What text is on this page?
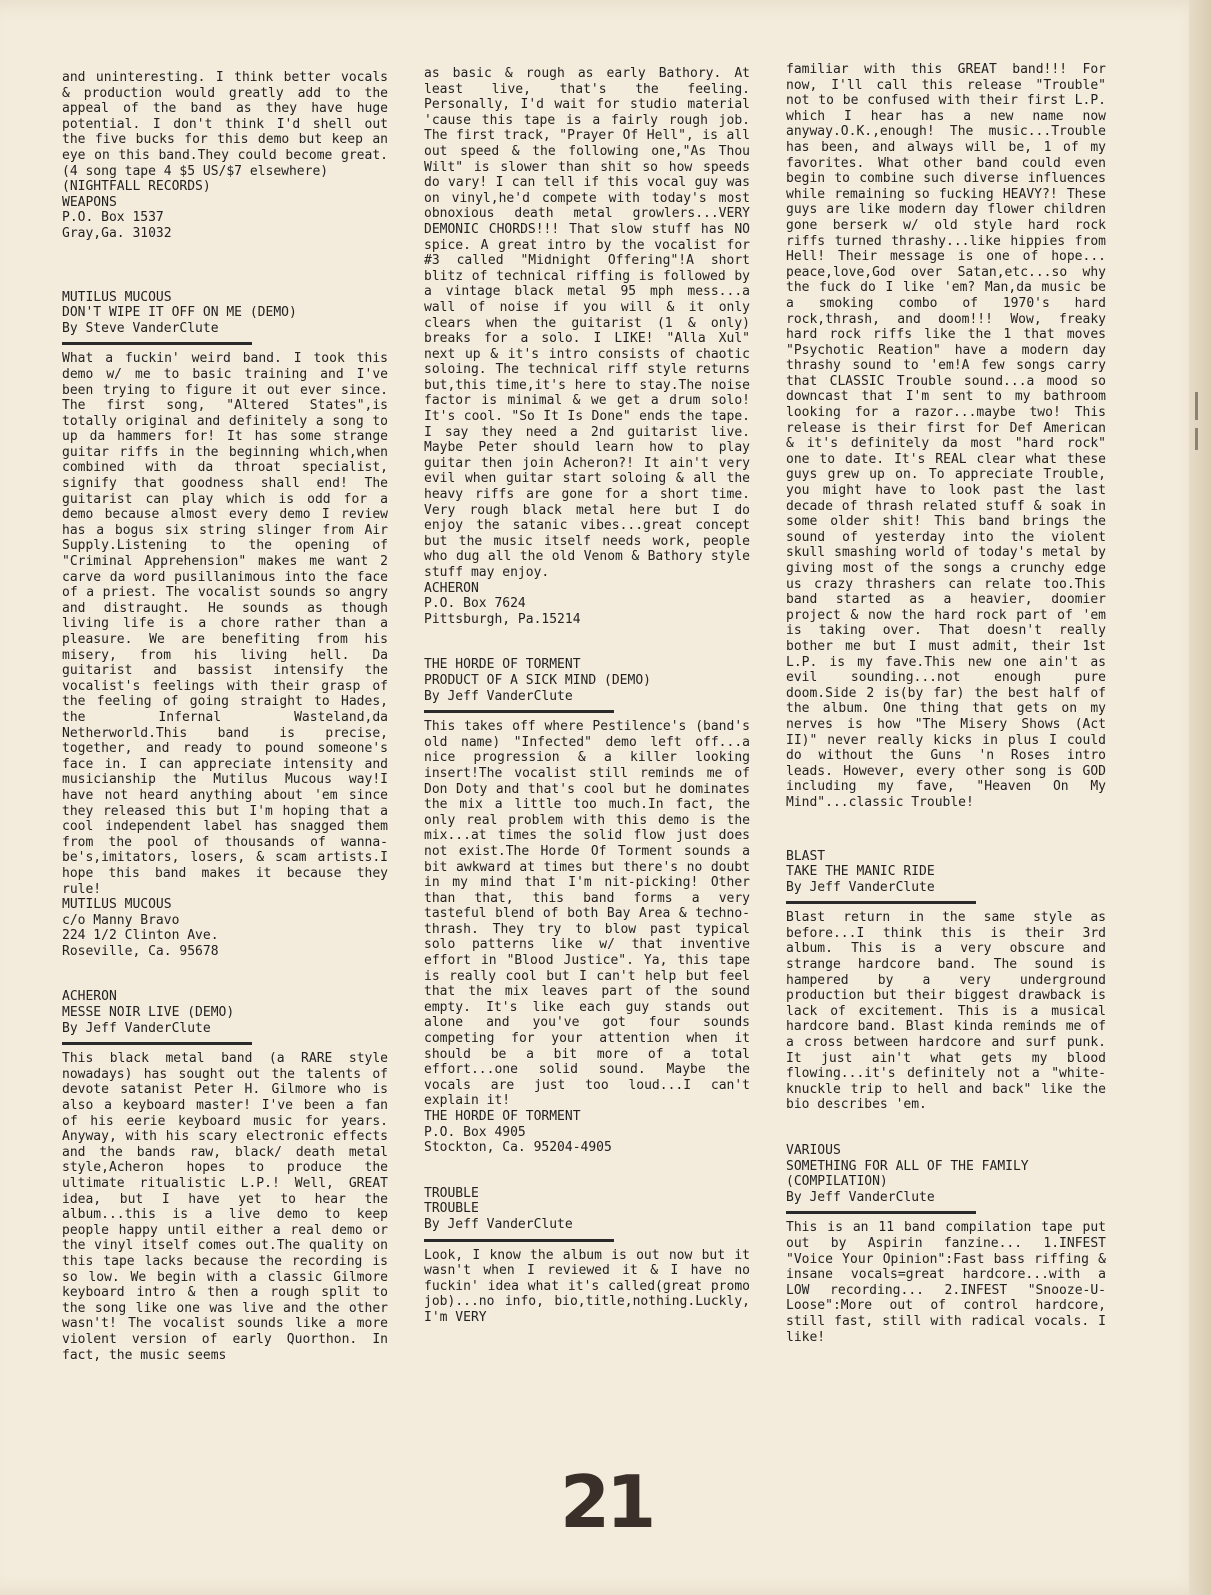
and uninteresting. I think better vocals & production would greatly add to the appeal of the band as they have huge potential. I don't think I'd shell out the five bucks for this demo but keep an eye on this band.They could become great. (4 song tape 4 $5 US/$7 elsewhere)

(NIGHTFALL RECORDS)

WEAPONS

P.O. Box 1537

Gray,Ga. 31032

MUTILUS MUCOUS

DON'T WIPE IT OFF ON ME (DEMO)

By Steve VanderClute

What a fuckin' weird band. I took this demo w/ me to basic training and I've been trying to figure it out ever since. The first song, "Altered States",is totally original and definitely a song to up da hammers for! It has some strange guitar riffs in the beginning which,when combined with da throat specialist, signify that goodness shall end! The guitarist can play which is odd for a demo because almost every demo I review has a bogus six string slinger from Air Supply.Listening to the opening of "Criminal Apprehension" makes me want 2 carve da word pusillanimous into the face of a priest. The vocalist sounds so angry and distraught. He sounds as though living life is a chore rather than a pleasure. We are benefiting from his misery, from his living hell. Da guitarist and bassist intensify the vocalist's feelings with their grasp of the feeling of going straight to Hades, the Infernal Wasteland,da Netherworld.This band is precise, together, and ready to pound someone's face in. I can appreciate intensity and musicianship the Mutilus Mucous way!I have not heard anything about 'em since they released this but I'm hoping that a cool independent label has snagged them from the pool of thousands of wanna-be's,imitators, losers, & scam artists.I hope this band makes it because they rule!

MUTILUS MUCOUS

c/o Manny Bravo

224 1/2 Clinton Ave.

Roseville, Ca. 95678

ACHERON

MESSE NOIR LIVE (DEMO)

By Jeff VanderClute

This black metal band (a RARE style nowadays) has sought out the talents of devote satanist Peter H. Gilmore who is also a keyboard master! I've been a fan of his eerie keyboard music for years. Anyway, with his scary electronic effects and the bands raw, black/ death metal style,Acheron hopes to produce the ultimate ritualistic L.P.! Well, GREAT idea, but I have yet to hear the album...this is a live demo to keep people happy until either a real demo or the vinyl itself comes out.The quality on this tape lacks because the recording is so low. We begin with a classic Gilmore keyboard intro & then a rough split to the song like one was live and the other wasn't! The vocalist sounds like a more violent version of early Quorthon. In fact, the music seems

as basic & rough as early Bathory. At least live, that's the feeling. Personally, I'd wait for studio material 'cause this tape is a fairly rough job. The first track, "Prayer Of Hell", is all out speed & the following one,"As Thou Wilt" is slower than shit so how speeds do vary! I can tell if this vocal guy was on vinyl,he'd compete with today's most obnoxious death metal growlers...VERY DEMONIC CHORDS!!! That slow stuff has NO spice. A great intro by the vocalist for #3 called "Midnight Offering"!A short blitz of technical riffing is followed by a vintage black metal 95 mph mess...a wall of noise if you will & it only clears when the guitarist (1 & only) breaks for a solo. I LIKE! "Alla Xul" next up & it's intro consists of chaotic soloing. The technical riff style returns but,this time,it's here to stay.The noise factor is minimal & we get a drum solo! It's cool. "So It Is Done" ends the tape. I say they need a 2nd guitarist live. Maybe Peter should learn how to play guitar then join Acheron?! It ain't very evil when guitar start soloing & all the heavy riffs are gone for a short time. Very rough black metal here but I do enjoy the satanic vibes...great concept but the music itself needs work, people who dug all the old Venom & Bathory style stuff may enjoy.

ACHERON

P.O. Box 7624

Pittsburgh, Pa.15214

THE HORDE OF TORMENT

PRODUCT OF A SICK MIND (DEMO)

By Jeff VanderClute

This takes off where Pestilence's (band's old name) "Infected" demo left off...a nice progression & a killer looking insert!The vocalist still reminds me of Don Doty and that's cool but he dominates the mix a little too much.In fact, the only real problem with this demo is the mix...at times the solid flow just does not exist.The Horde Of Torment sounds a bit awkward at times but there's no doubt in my mind that I'm nit-picking! Other than that, this band forms a very tasteful blend of both Bay Area & techno-thrash. They try to blow past typical solo patterns like w/ that inventive effort in "Blood Justice". Ya, this tape is really cool but I can't help but feel that the mix leaves part of the sound empty. It's like each guy stands out alone and you've got four sounds competing for your attention when it should be a bit more of a total effort...one solid sound. Maybe the vocals are just too loud...I can't explain it!

THE HORDE OF TORMENT

P.O. Box 4905

Stockton, Ca. 95204-4905

TROUBLE

TROUBLE

By Jeff VanderClute

Look, I know the album is out now but it wasn't when I reviewed it & I have no fuckin' idea what it's called(great promo job)...no info, bio,title,nothing.Luckly, I'm VERY

familiar with this GREAT band!!! For now, I'll call this release "Trouble" not to be confused with their first L.P. which I hear has a new name now anyway.O.K.,enough! The music...Trouble has been, and always will be, 1 of my favorites. What other band could even begin to combine such diverse influences while remaining so fucking HEAVY?! These guys are like modern day flower children gone berserk w/ old style hard rock riffs turned thrashy...like hippies from Hell! Their message is one of hope... peace,love,God over Satan,etc...so why the fuck do I like 'em? Man,da music be a smoking combo of 1970's hard rock,thrash, and doom!!! Wow, freaky hard rock riffs like the 1 that moves "Psychotic Reation" have a modern day thrashy sound to 'em!A few songs carry that CLASSIC Trouble sound...a mood so downcast that I'm sent to my bathroom looking for a razor...maybe two! This release is their first for Def American & it's definitely da most "hard rock" one to date. It's REAL clear what these guys grew up on. To appreciate Trouble, you might have to look past the last decade of thrash related stuff & soak in some older shit! This band brings the sound of yesterday into the violent skull smashing world of today's metal by giving most of the songs a crunchy edge us crazy thrashers can relate too.This band started as a heavier, doomier project & now the hard rock part of 'em is taking over. That doesn't really bother me but I must admit, their 1st L.P. is my fave.This new one ain't as evil sounding...not enough pure doom.Side 2 is(by far) the best half of the album. One thing that gets on my nerves is how "The Misery Shows (Act II)" never really kicks in plus I could do without the Guns 'n Roses intro leads. However, every other song is GOD including my fave, "Heaven On My Mind"...classic Trouble!

BLAST

TAKE THE MANIC RIDE

By Jeff VanderClute

Blast return in the same style as before...I think this is their 3rd album. This is a very obscure and strange hardcore band. The sound is hampered by a very underground production but their biggest drawback is lack of excitement. This is a musical hardcore band. Blast kinda reminds me of a cross between hardcore and surf punk. It just ain't what gets my blood flowing...it's definitely not a "white-knuckle trip to hell and back" like the bio describes 'em.

VARIOUS

SOMETHING FOR ALL OF THE FAMILY

(COMPILATION)

By Jeff VanderClute

This is an 11 band compilation tape put out by Aspirin fanzine... 1.INFEST "Voice Your Opinion":Fast bass riffing & insane vocals=great hardcore...with a LOW recording... 2.INFEST "Snooze-U-Loose":More out of control hardcore, still fast, still with radical vocals. I like!

21
